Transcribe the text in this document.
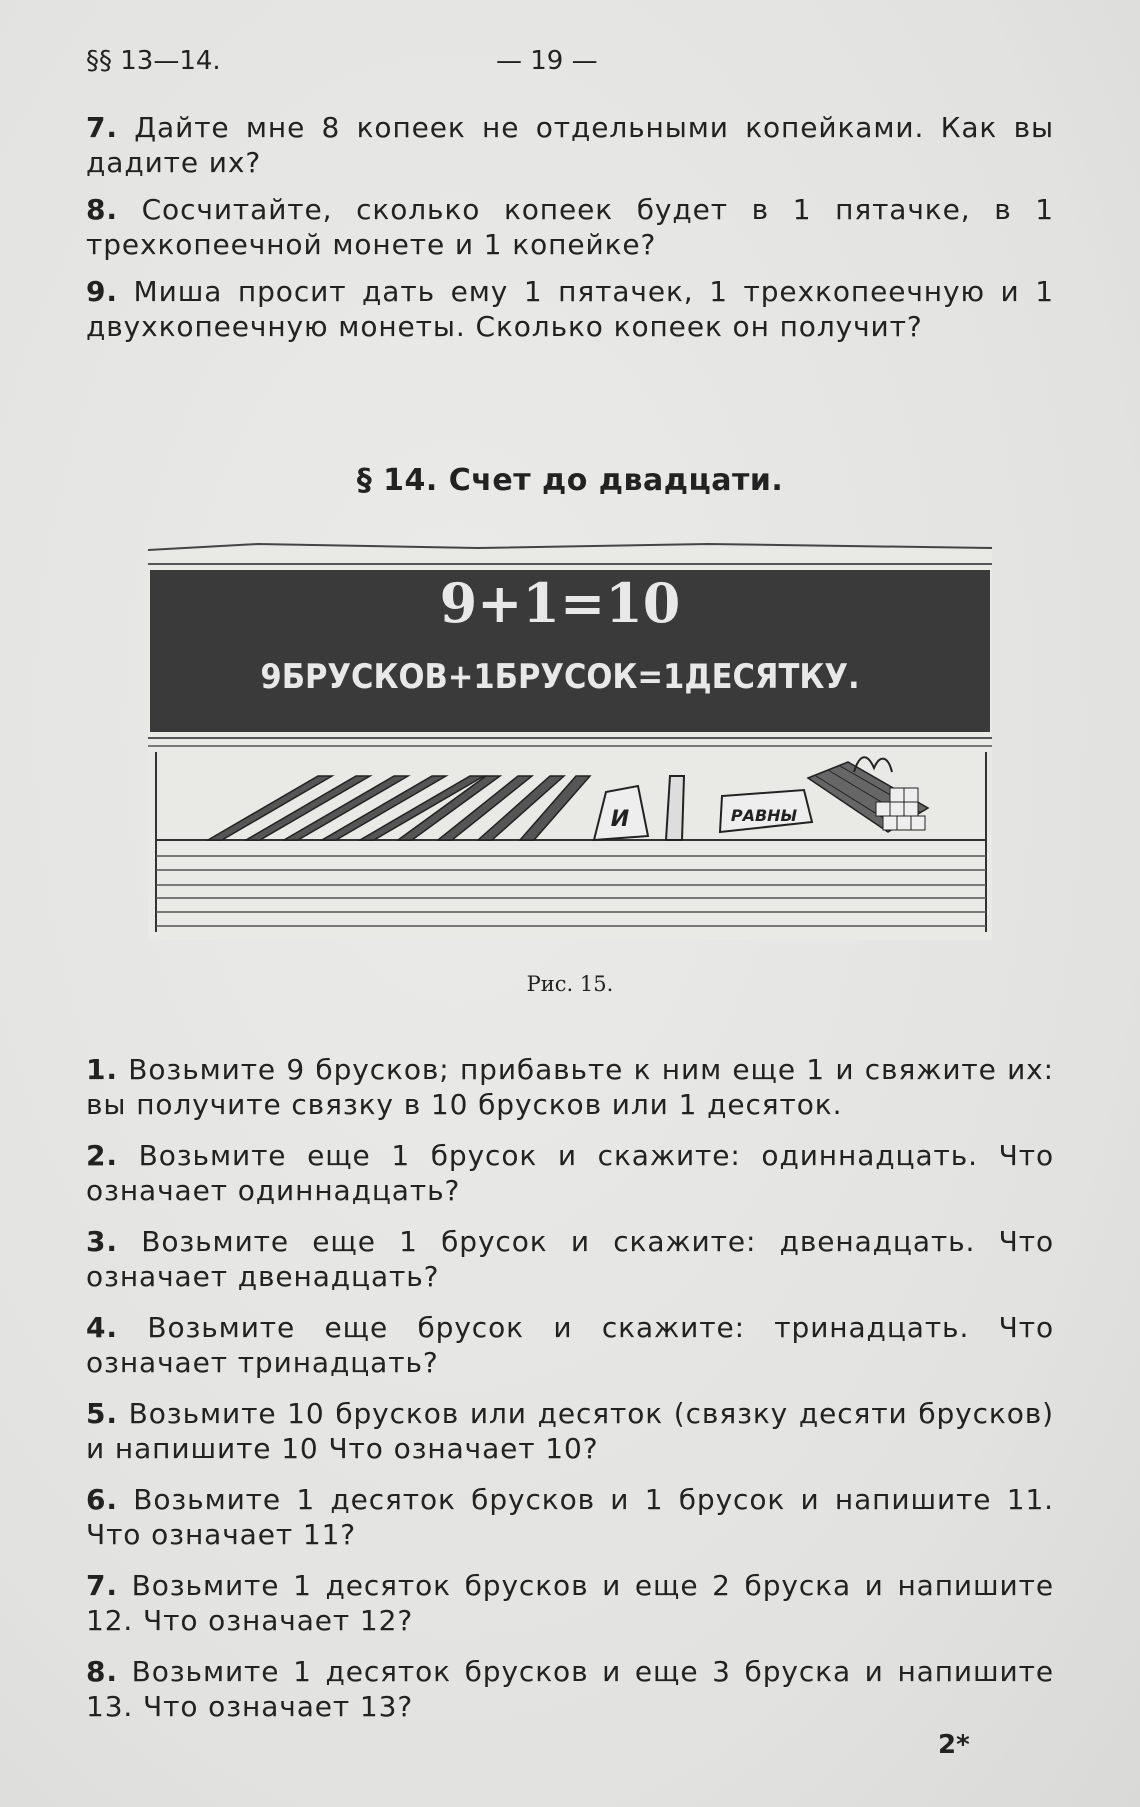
§§ 13—14.	— 19 —
7. Дайте мне 8 копеек не отдельными копейками. Как вы дадите их?
8. Сосчитайте, сколько копеек будет в 1 пятачке, в 1 трехкопеечной монете и 1 копейке?
9. Миша просит дать ему 1 пятачек, 1 трехкопеечную и 1 двухкопеечную монеты. Сколько копеек он получит?
§ 14. Счет до двадцати.
9+1=10
9БРУСКОВ+1БРУСОК=1ДЕСЯТКУ.
И	РАВНЫ
Рис. 15.
1. Возьмите 9 брусков; прибавьте к ним еще 1 и свяжите их: вы получите связку в 10 брусков или 1 десяток.
2. Возьмите еще 1 брусок и скажите: одиннадцать. Что означает одиннадцать?
3. Возьмите еще 1 брусок и скажите: двенадцать. Что означает двенадцать?
4. Возьмите еще брусок и скажите: тринадцать. Что означает тринадцать?
5. Возьмите 10 брусков или десяток (связку десяти брусков) и напишите 10 Что означает 10?
6. Возьмите 1 десяток брусков и 1 брусок и напишите 11. Что означает 11?
7. Возьмите 1 десяток брусков и еще 2 бруска и напишите 12. Что означает 12?
8. Возьмите 1 десяток брусков и еще 3 бруска и напишите 13. Что означает 13?
2*
